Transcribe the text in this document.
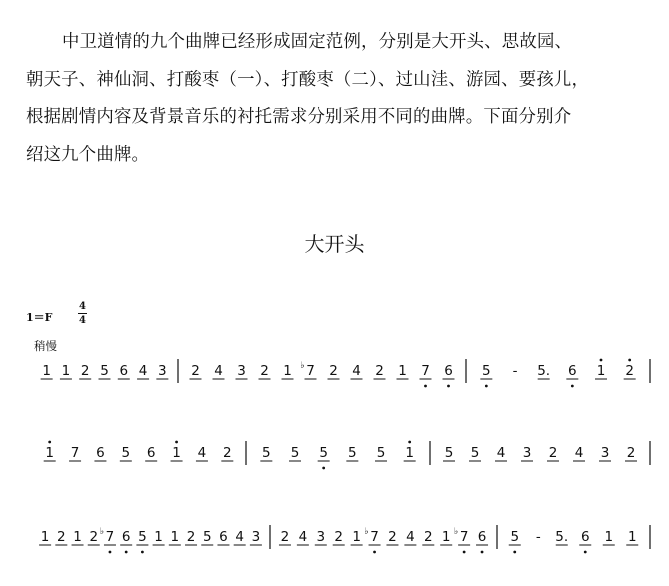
中卫道情的九个曲牌已经形成固定范例，分别是大开头、思故园、

朝天子、神仙洞、打酸枣（一）、打酸枣（二）、过山洼、游园、要孩儿，

根据剧情内容及背景音乐的衬托需求分别采用不同的曲牌。下面分别介

绍这九个曲牌。

大开头
1＝F
4
4
稍慢
1 1 2 5 6 4 3 2 4 3 2 1 7
♭ 2 4 2 1 7 6 5 - 5. 6 1 2
1 7 6 5 6 1 4 2 5 5 5 5 5 1 5 5 4 3 2 4 3 2
1 2 1 2 7
♭ 6 5 1 1 2 5 6 4 3 2 4 3 2 1 7
♭ 2 4 2 1 7
♭ 6 5 - 5. 6 1 1
